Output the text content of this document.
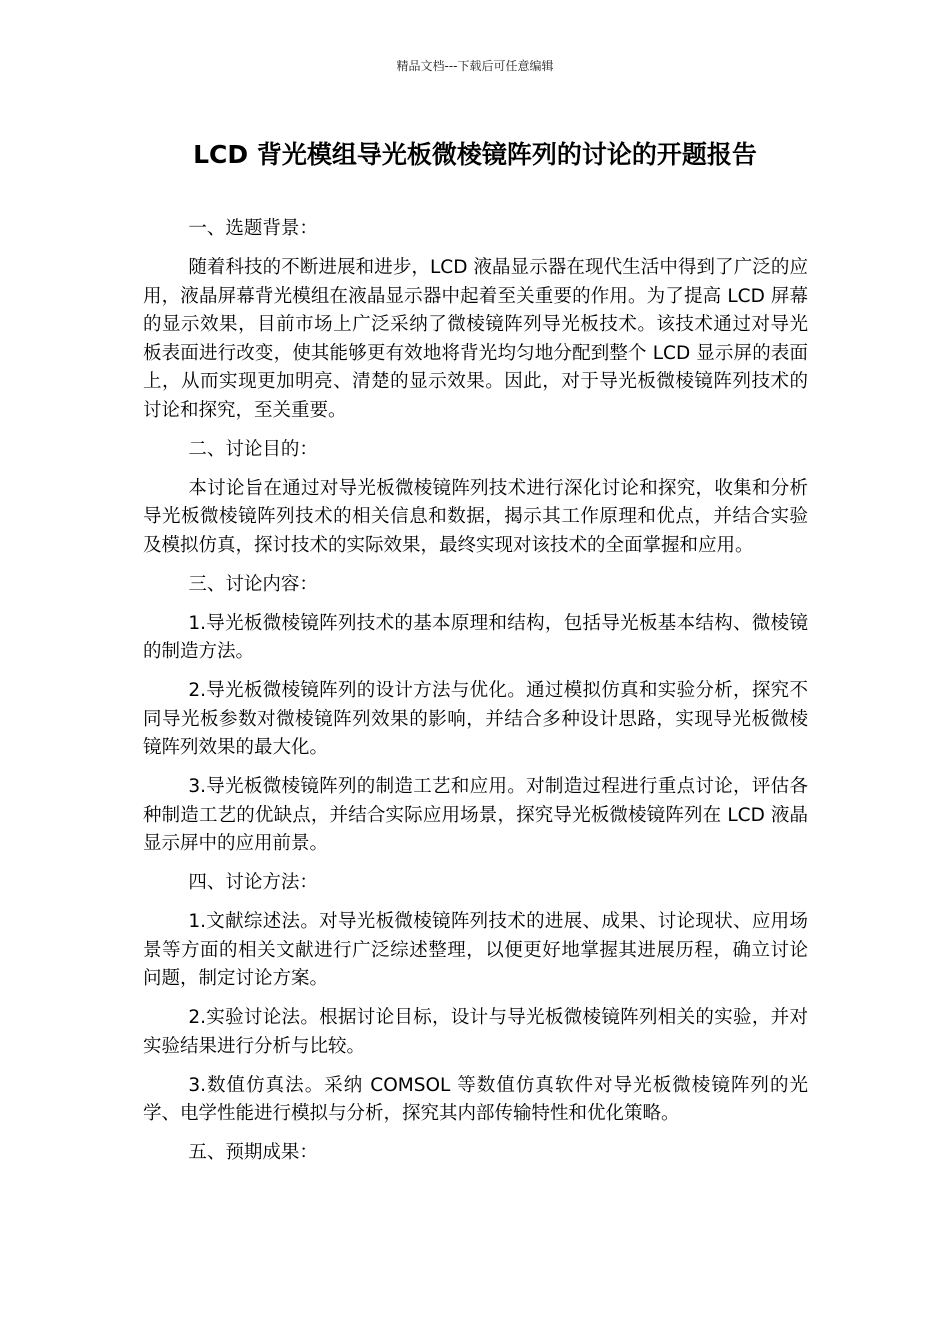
精品文档---下载后可任意编辑
LCD 背光模组导光板微棱镜阵列的讨论的开题报告

一、选题背景：

随着科技的不断进展和进步，LCD 液晶显示器在现代生活中得到了广泛的应用，液晶屏幕背光模组在液晶显示器中起着至关重要的作用。为了提高 LCD 屏幕的显示效果，目前市场上广泛采纳了微棱镜阵列导光板技术。该技术通过对导光板表面进行改变，使其能够更有效地将背光均匀地分配到整个 LCD 显示屏的表面上，从而实现更加明亮、清楚的显示效果。因此，对于导光板微棱镜阵列技术的讨论和探究，至关重要。

二、讨论目的：

本讨论旨在通过对导光板微棱镜阵列技术进行深化讨论和探究，收集和分析导光板微棱镜阵列技术的相关信息和数据，揭示其工作原理和优点，并结合实验及模拟仿真，探讨技术的实际效果，最终实现对该技术的全面掌握和应用。

三、讨论内容：

1.导光板微棱镜阵列技术的基本原理和结构，包括导光板基本结构、微棱镜的制造方法。

2.导光板微棱镜阵列的设计方法与优化。通过模拟仿真和实验分析，探究不同导光板参数对微棱镜阵列效果的影响，并结合多种设计思路，实现导光板微棱镜阵列效果的最大化。

3.导光板微棱镜阵列的制造工艺和应用。对制造过程进行重点讨论，评估各种制造工艺的优缺点，并结合实际应用场景，探究导光板微棱镜阵列在 LCD 液晶显示屏中的应用前景。

四、讨论方法：

1.文献综述法。对导光板微棱镜阵列技术的进展、成果、讨论现状、应用场景等方面的相关文献进行广泛综述整理，以便更好地掌握其进展历程，确立讨论问题，制定讨论方案。

2.实验讨论法。根据讨论目标，设计与导光板微棱镜阵列相关的实验，并对实验结果进行分析与比较。

3.数值仿真法。采纳 COMSOL 等数值仿真软件对导光板微棱镜阵列的光学、电学性能进行模拟与分析，探究其内部传输特性和优化策略。

五、预期成果：
